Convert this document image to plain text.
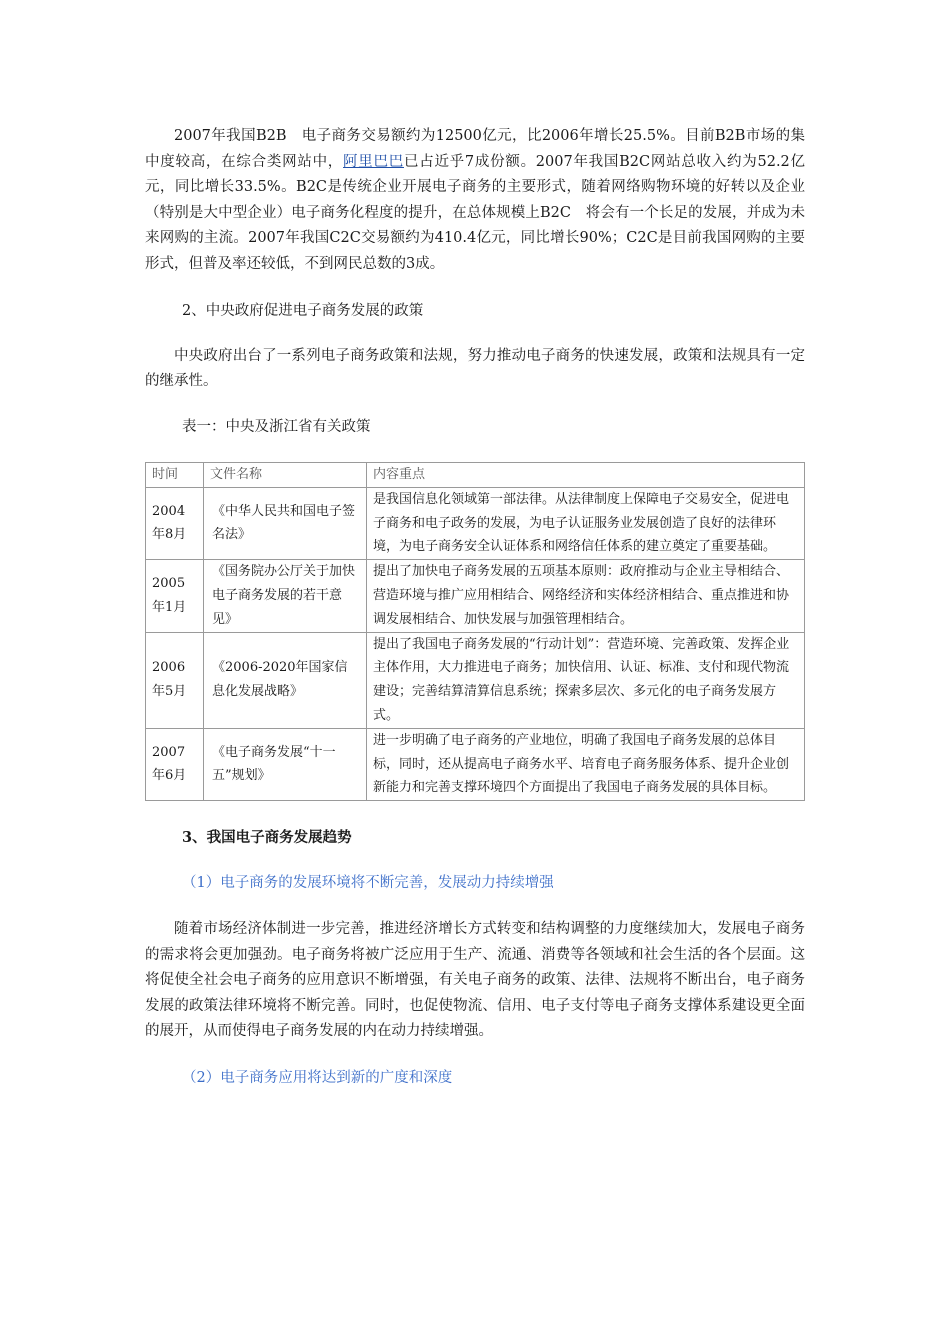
2007年我国B2B　电子商务交易额约为12500亿元，比2006年增长25.5%。目前B2B市场的集中度较高，在综合类网站中，阿里巴巴已占近乎7成份额。2007年我国B2C网站总收入约为52.2亿元，同比增长33.5%。B2C是传统企业开展电子商务的主要形式，随着网络购物环境的好转以及企业（特别是大中型企业）电子商务化程度的提升，在总体规模上B2C　将会有一个长足的发展，并成为未来网购的主流。2007年我国C2C交易额约为410.4亿元，同比增长90%；C2C是目前我国网购的主要形式，但普及率还较低，不到网民总数的3成。

2、中央政府促进电子商务发展的政策

中央政府出台了一系列电子商务政策和法规，努力推动电子商务的快速发展，政策和法规具有一定的继承性。

表一：中央及浙江省有关政策

时间	文件名称	内容重点
2004年8月	《中华人民共和国电子签名法》	是我国信息化领域第一部法律。从法律制度上保障电子交易安全，促进电子商务和电子政务的发展，为电子认证服务业发展创造了良好的法律环境，为电子商务安全认证体系和网络信任体系的建立奠定了重要基础。
2005年1月	《国务院办公厅关于加快电子商务发展的若干意见》	提出了加快电子商务发展的五项基本原则：政府推动与企业主导相结合、营造环境与推广应用相结合、网络经济和实体经济相结合、重点推进和协调发展相结合、加快发展与加强管理相结合。
2006年5月	《2006-2020年国家信息化发展战略》	提出了我国电子商务发展的“行动计划”：营造环境、完善政策、发挥企业主体作用，大力推进电子商务；加快信用、认证、标准、支付和现代物流建设；完善结算清算信息系统；探索多层次、多元化的电子商务发展方式。
2007年6月	《电子商务发展“十一五”规划》	进一步明确了电子商务的产业地位，明确了我国电子商务发展的总体目标，同时，还从提高电子商务水平、培育电子商务服务体系、提升企业创新能力和完善支撑环境四个方面提出了我国电子商务发展的具体目标。

3、我国电子商务发展趋势

（1）电子商务的发展环境将不断完善，发展动力持续增强

随着市场经济体制进一步完善，推进经济增长方式转变和结构调整的力度继续加大，发展电子商务的需求将会更加强劲。电子商务将被广泛应用于生产、流通、消费等各领域和社会生活的各个层面。这将促使全社会电子商务的应用意识不断增强，有关电子商务的政策、法律、法规将不断出台，电子商务发展的政策法律环境将不断完善。同时，也促使物流、信用、电子支付等电子商务支撑体系建设更全面的展开，从而使得电子商务发展的内在动力持续增强。

（2）电子商务应用将达到新的广度和深度
